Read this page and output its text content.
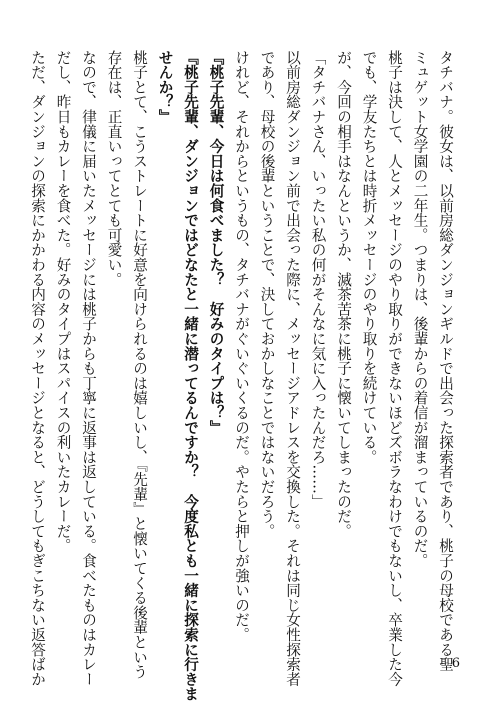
タチバナ。彼女は、以前房総ダンジョンギルドで出会った探索者であり、桃子の母校である聖
ミュゲット女学園の二年生。つまりは、後輩からの着信が溜まっているのだ。
桃子は決して、人とメッセージのやり取りができないほどズボラなわけでもないし、卒業した今
でも、学友たちとは時折メッセージのやり取りを続けている。
が、今回の相手はなんというか、滅茶苦茶に桃子に懐いてしまったのだ。
「タチバナさん、いったい私の何がそんなに気に入ったんだろ……」
以前房総ダンジョン前で出会った際に、メッセージアドレスを交換した。それは同じ女性探索者
であり、母校の後輩ということで、決しておかしなことではないだろう。
けれど、それからというもの、タチバナがぐいぐいくるのだ。やたらと押しが強いのだ。
『桃子先輩、今日は何食べました？　好みのタイプは？』
『桃子先輩、ダンジョンではどなたと一緒に潜ってるんですか？　今度私とも一緒に探索に行きま
せんか？』
桃子とて、こうストレートに好意を向けられるのは嬉しいし、『先輩』と懐いてくる後輩という
存在は、正直いってとても可愛い。
なので、律儀に届いたメッセージには桃子からも丁寧に返事は返している。食べたものはカレー
だし、昨日もカレーを食べた。好みのタイプはスパイスの利いたカレーだ。
ただ、ダンジョンの探索にかかわる内容のメッセージとなると、どうしてもぎこちない返答ばか	6
